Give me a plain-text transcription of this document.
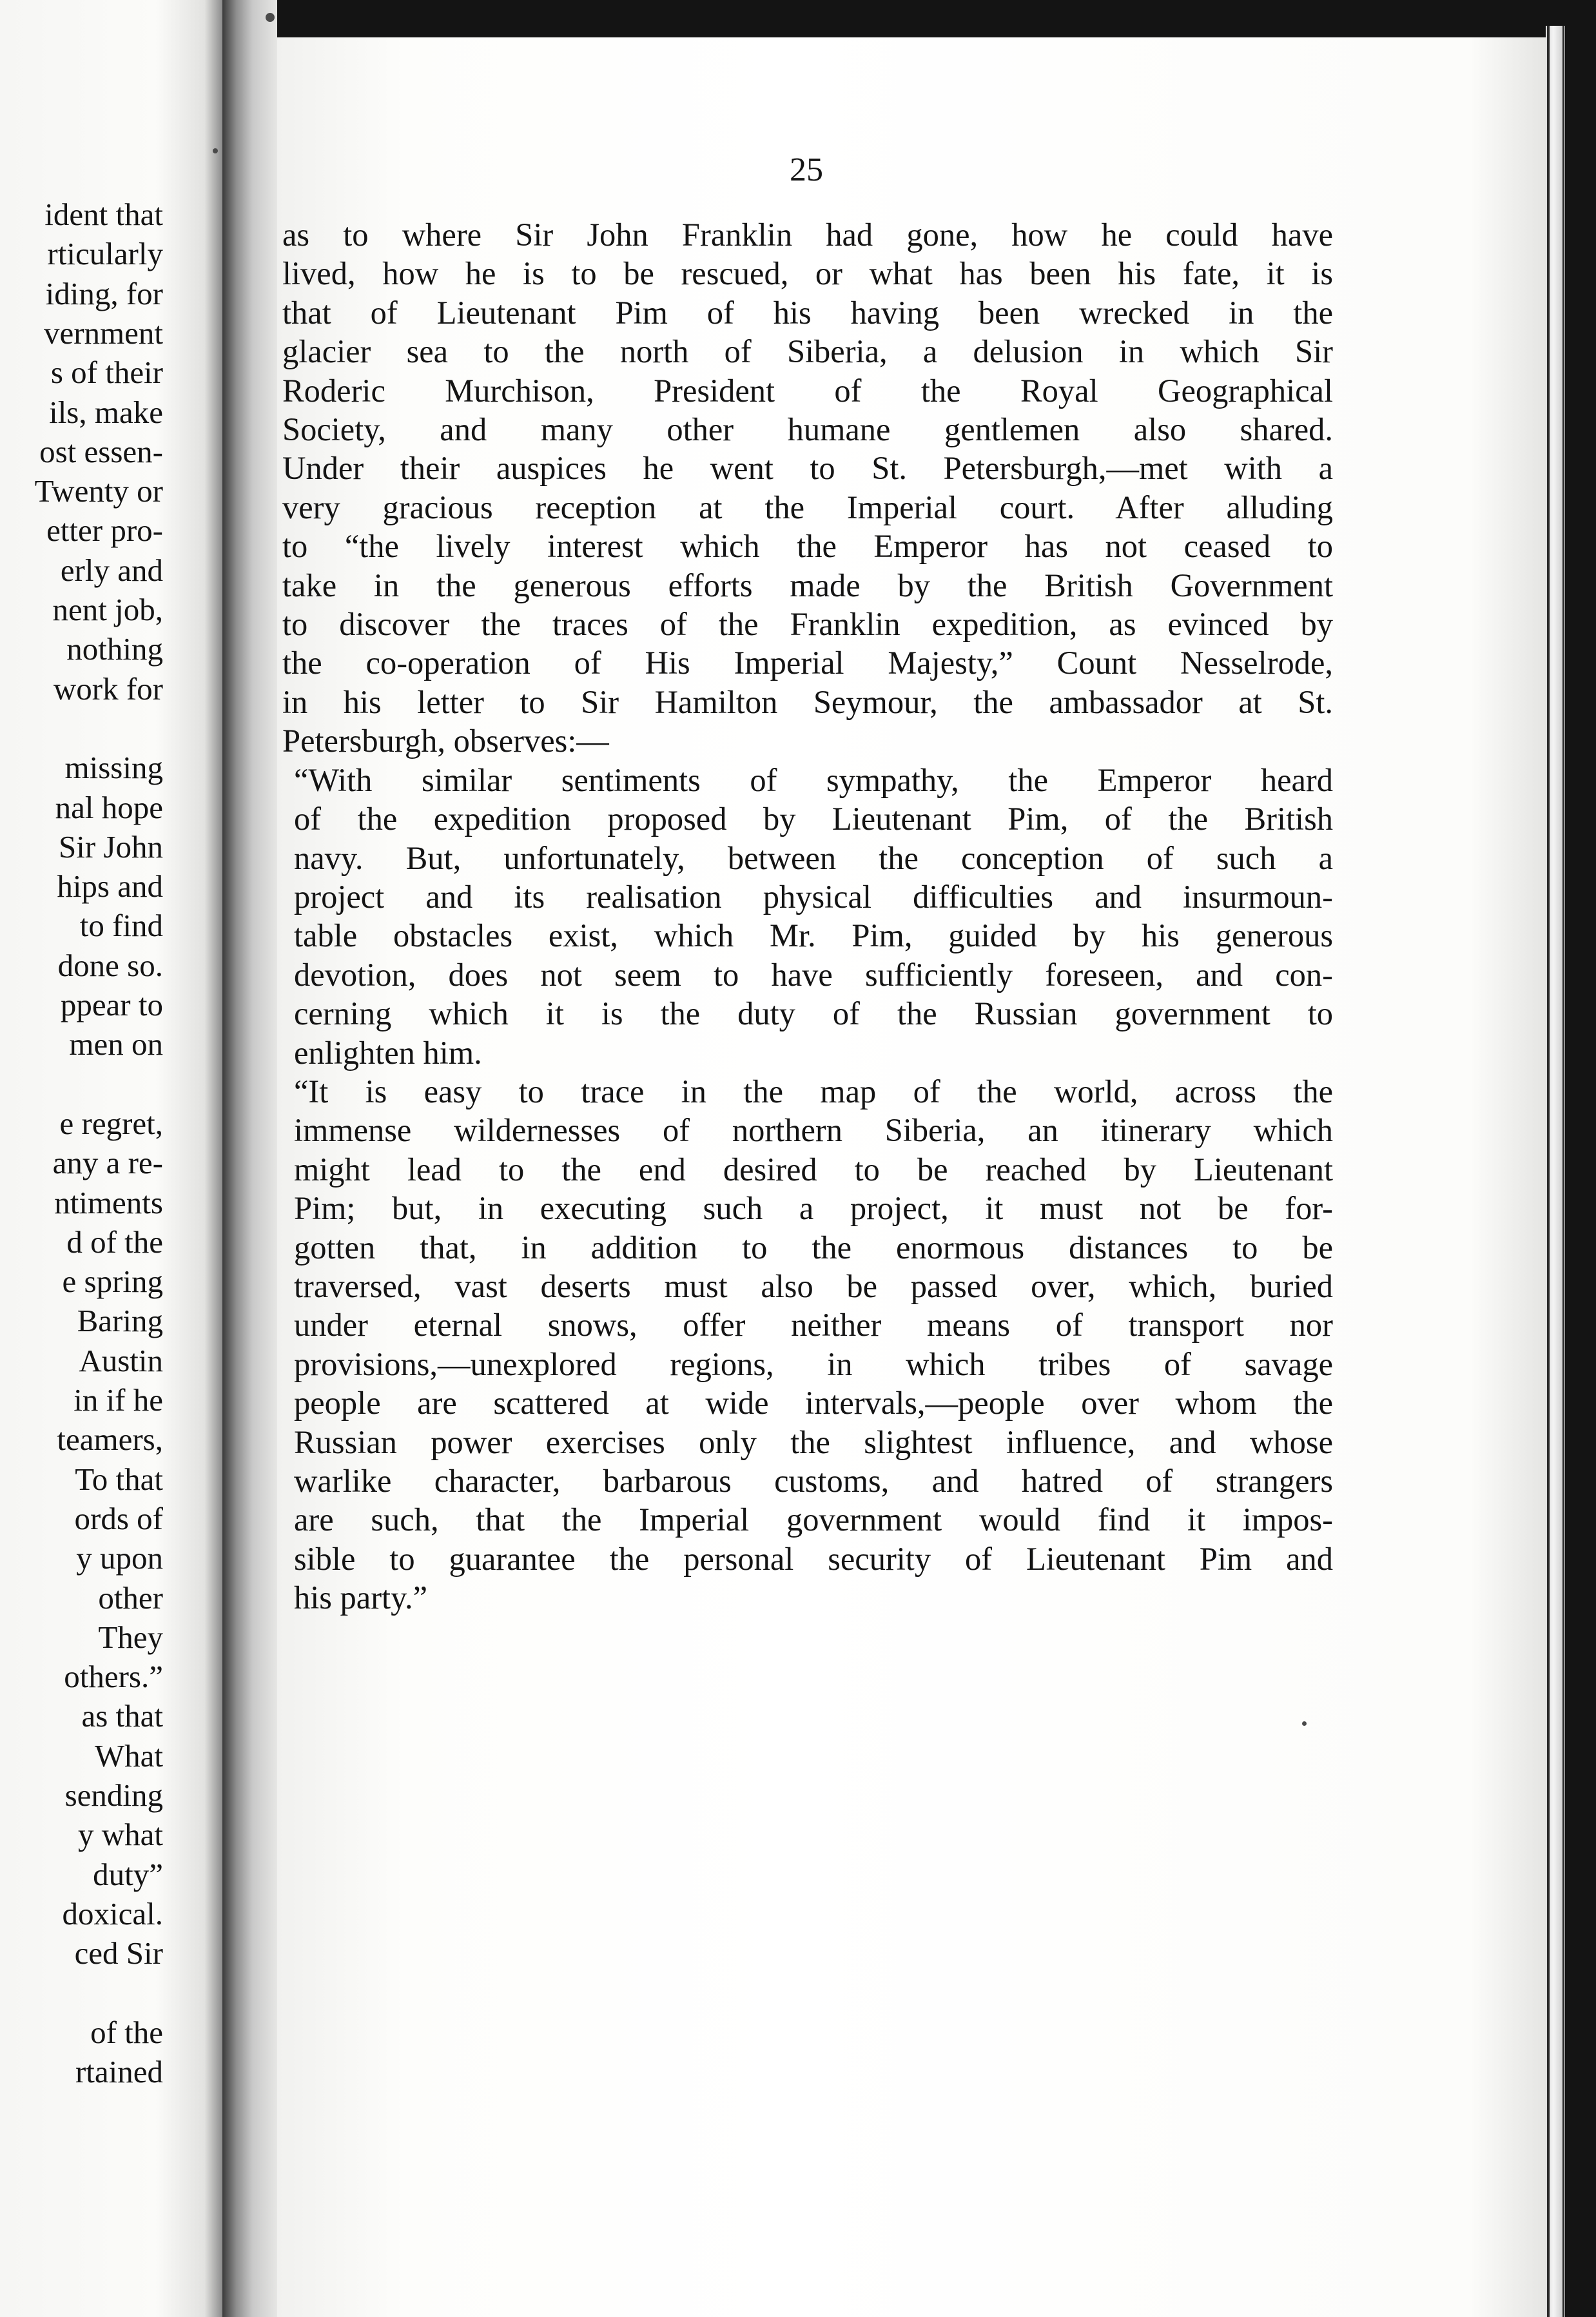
ident that
rticularly
iding, for
vernment
s of their
ils, make
ost essen-
Twenty or
etter pro-
erly and
nent job,
nothing
work for
missing
nal hope
Sir John
hips and
to find
done so.
ppear to
men on
e regret,
any a re-
ntiments
d of the
e spring
Baring
Austin
in if he
teamers,
To that
ords of
y upon
other
They
others.”
as that
What
sending
y what
duty”
doxical.
ced Sir
of the
rtained
25
as to where Sir John Franklin had gone, how he could have
lived, how he is to be rescued, or what has been his fate, it is
that of Lieutenant Pim of his having been wrecked in the
glacier sea to the north of Siberia, a delusion in which Sir
Roderic Murchison, President of the Royal Geographical
Society, and many other humane gentlemen also shared.
Under their auspices he went to St. Petersburgh,—met with a
very gracious reception at the Imperial court. After alluding
to “the lively interest which the Emperor has not ceased to
take in the generous efforts made by the British Government
to discover the traces of the Franklin expedition, as evinced by
the co-operation of His Imperial Majesty,” Count Nesselrode,
in his letter to Sir Hamilton Seymour, the ambassador at St.
Petersburgh, observes:—
“With similar sentiments of sympathy, the Emperor heard
of the expedition proposed by Lieutenant Pim, of the British
navy. But, unfortunately, between the conception of such a
project and its realisation physical difficulties and insurmoun-
table obstacles exist, which Mr. Pim, guided by his generous
devotion, does not seem to have sufficiently foreseen, and con-
cerning which it is the duty of the Russian government to
enlighten him.
“It is easy to trace in the map of the world, across the
immense wildernesses of northern Siberia, an itinerary which
might lead to the end desired to be reached by Lieutenant
Pim; but, in executing such a project, it must not be for-
gotten that, in addition to the enormous distances to be
traversed, vast deserts must also be passed over, which, buried
under eternal snows, offer neither means of transport nor
provisions,—unexplored regions, in which tribes of savage
people are scattered at wide intervals,—people over whom the
Russian power exercises only the slightest influence, and whose
warlike character, barbarous customs, and hatred of strangers
are such, that the Imperial government would find it impos-
sible to guarantee the personal security of Lieutenant Pim and
his party.”
